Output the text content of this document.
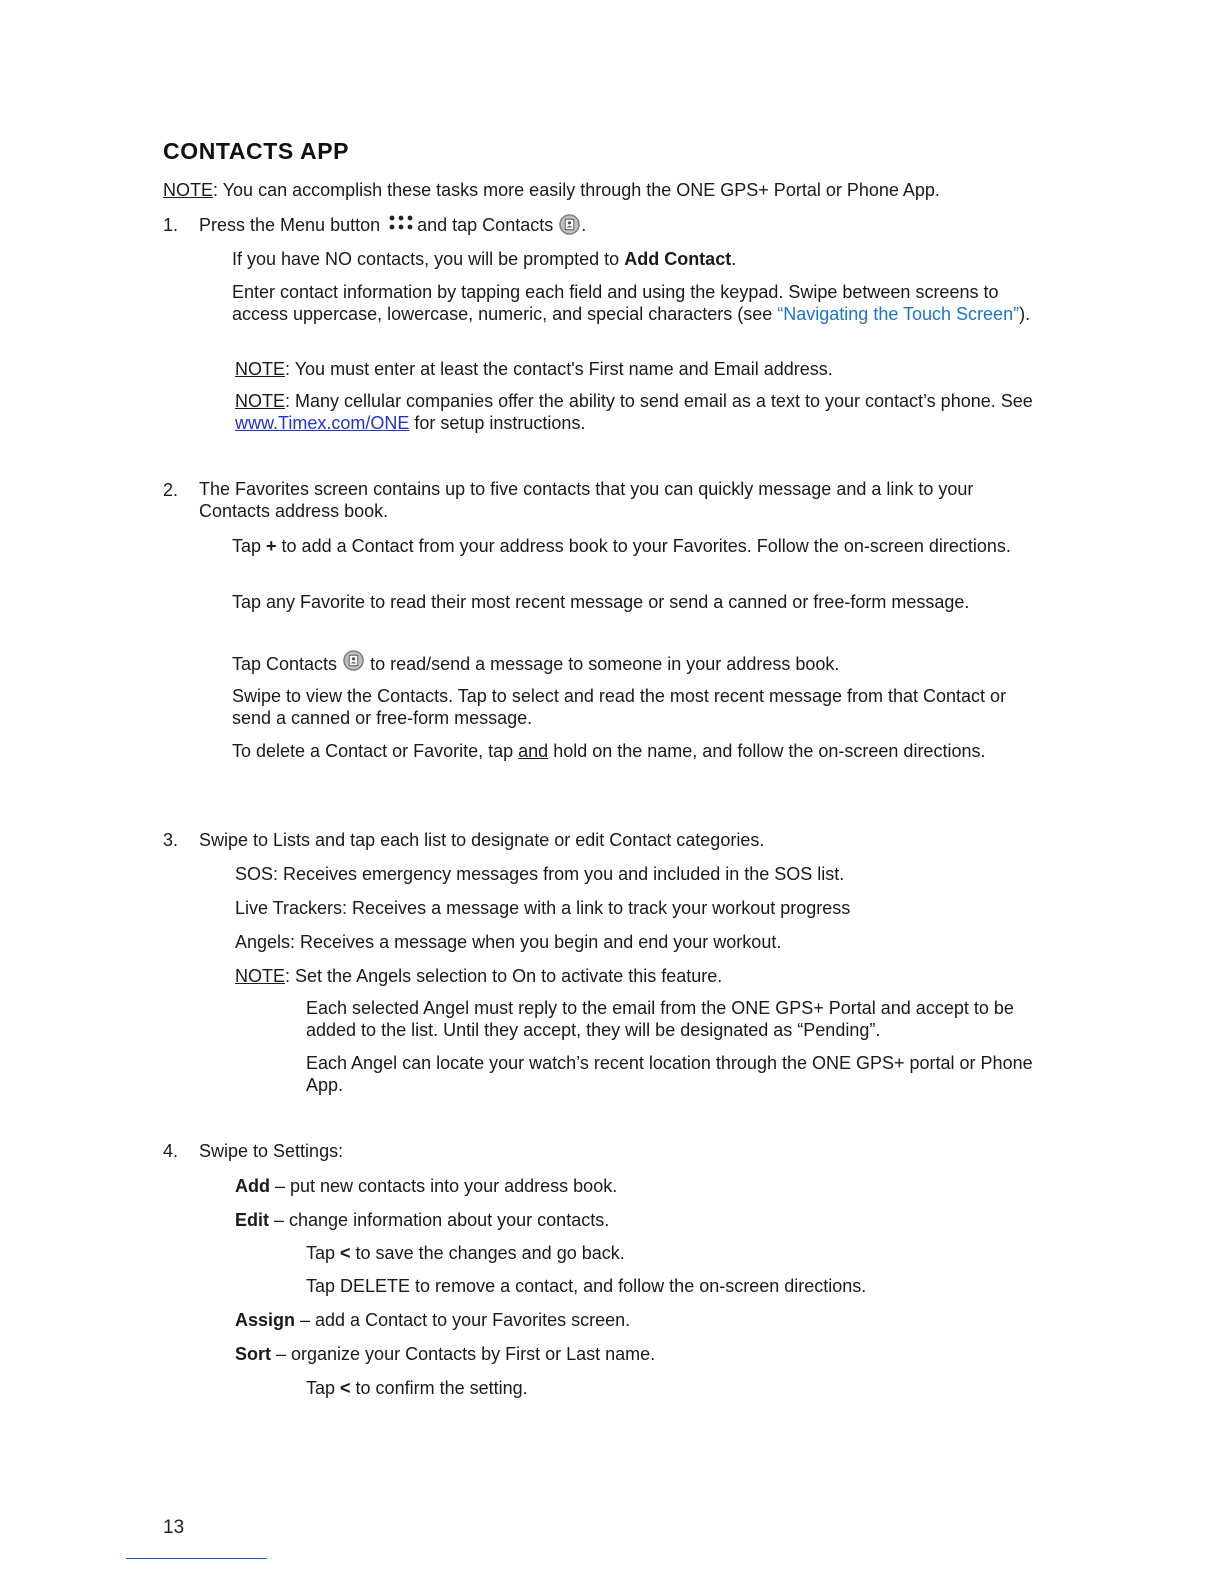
CONTACTS APP
NOTE: You can accomplish these tasks more easily through the ONE GPS+ Portal or Phone App.
1. Press the Menu button and tap Contacts .
If you have NO contacts, you will be prompted to Add Contact.
Enter contact information by tapping each field and using the keypad. Swipe between screens to access uppercase, lowercase, numeric, and special characters (see “Navigating the Touch Screen”).
NOTE: You must enter at least the contact's First name and Email address.
NOTE: Many cellular companies offer the ability to send email as a text to your contact’s phone. See www.Timex.com/ONE for setup instructions.
2. The Favorites screen contains up to five contacts that you can quickly message and a link to your Contacts address book.
Tap + to add a Contact from your address book to your Favorites. Follow the on-screen directions.
Tap any Favorite to read their most recent message or send a canned or free-form message.
Tap Contacts to read/send a message to someone in your address book.
Swipe to view the Contacts. Tap to select and read the most recent message from that Contact or send a canned or free-form message.
To delete a Contact or Favorite, tap and hold on the name, and follow the on-screen directions.
3. Swipe to Lists and tap each list to designate or edit Contact categories.
SOS: Receives emergency messages from you and included in the SOS list.
Live Trackers: Receives a message with a link to track your workout progress
Angels: Receives a message when you begin and end your workout.
NOTE: Set the Angels selection to On to activate this feature.
Each selected Angel must reply to the email from the ONE GPS+ Portal and accept to be added to the list. Until they accept, they will be designated as “Pending”.
Each Angel can locate your watch’s recent location through the ONE GPS+ portal or Phone App.
4. Swipe to Settings:
Add – put new contacts into your address book.
Edit – change information about your contacts.
Tap < to save the changes and go back.
Tap DELETE to remove a contact, and follow the on-screen directions.
Assign – add a Contact to your Favorites screen.
Sort – organize your Contacts by First or Last name.
Tap < to confirm the setting.
13
